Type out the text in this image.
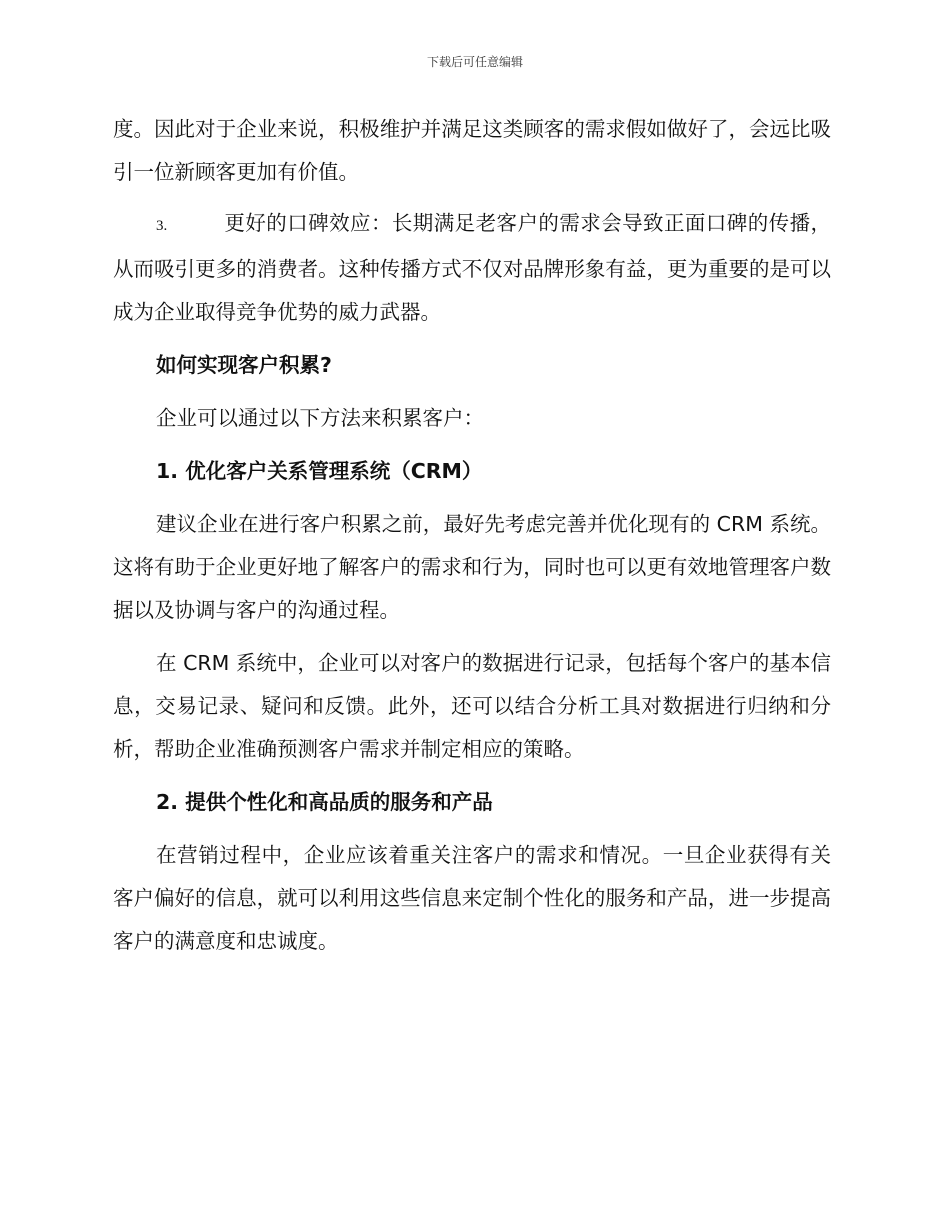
下载后可任意编辑

度。因此对于企业来说，积极维护并满足这类顾客的需求假如做好了，会远比吸引一位新顾客更加有价值。

3.	更好的口碑效应：长期满足老客户的需求会导致正面口碑的传播，从而吸引更多的消费者。这种传播方式不仅对品牌形象有益，更为重要的是可以成为企业取得竞争优势的威力武器。

如何实现客户积累?

企业可以通过以下方法来积累客户：

1. 优化客户关系管理系统（CRM）

建议企业在进行客户积累之前，最好先考虑完善并优化现有的 CRM 系统。这将有助于企业更好地了解客户的需求和行为，同时也可以更有效地管理客户数据以及协调与客户的沟通过程。

在 CRM 系统中，企业可以对客户的数据进行记录，包括每个客户的基本信息，交易记录、疑问和反馈。此外，还可以结合分析工具对数据进行归纳和分析，帮助企业准确预测客户需求并制定相应的策略。

2. 提供个性化和高品质的服务和产品

在营销过程中，企业应该着重关注客户的需求和情况。一旦企业获得有关客户偏好的信息，就可以利用这些信息来定制个性化的服务和产品，进一步提高客户的满意度和忠诚度。
